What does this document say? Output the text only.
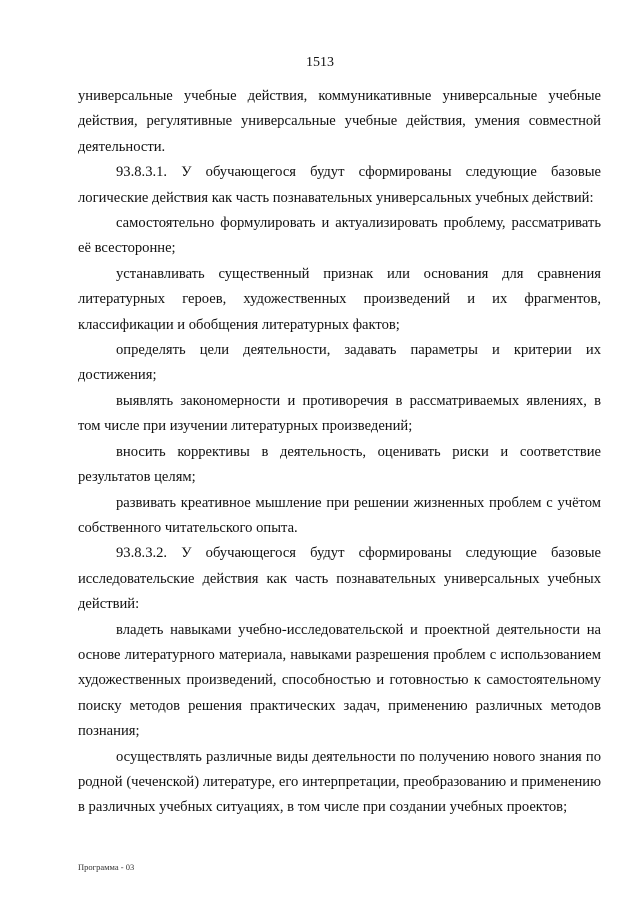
1513

универсальные учебные действия, коммуникативные универсальные учебные действия, регулятивные универсальные учебные действия, умения совместной деятельности.

93.8.3.1. У обучающегося будут сформированы следующие базовые логические действия как часть познавательных универсальных учебных действий:

самостоятельно формулировать и актуализировать проблему, рассматривать её всесторонне;

устанавливать существенный признак или основания для сравнения литературных героев, художественных произведений и их фрагментов, классификации и обобщения литературных фактов;

определять цели деятельности, задавать параметры и критерии их достижения;

выявлять закономерности и противоречия в рассматриваемых явлениях, в том числе при изучении литературных произведений;

вносить коррективы в деятельность, оценивать риски и соответствие результатов целям;

развивать креативное мышление при решении жизненных проблем с учётом собственного читательского опыта.

93.8.3.2. У обучающегося будут сформированы следующие базовые исследовательские действия как часть познавательных универсальных учебных действий:

владеть навыками учебно-исследовательской и проектной деятельности на основе литературного материала, навыками разрешения проблем с использованием художественных произведений, способностью и готовностью к самостоятельному поиску методов решения практических задач, применению различных методов познания;

осуществлять различные виды деятельности по получению нового знания по родной (чеченской) литературе, его интерпретации, преобразованию и применению в различных учебных ситуациях, в том числе при создании учебных проектов;

Программа - 03
